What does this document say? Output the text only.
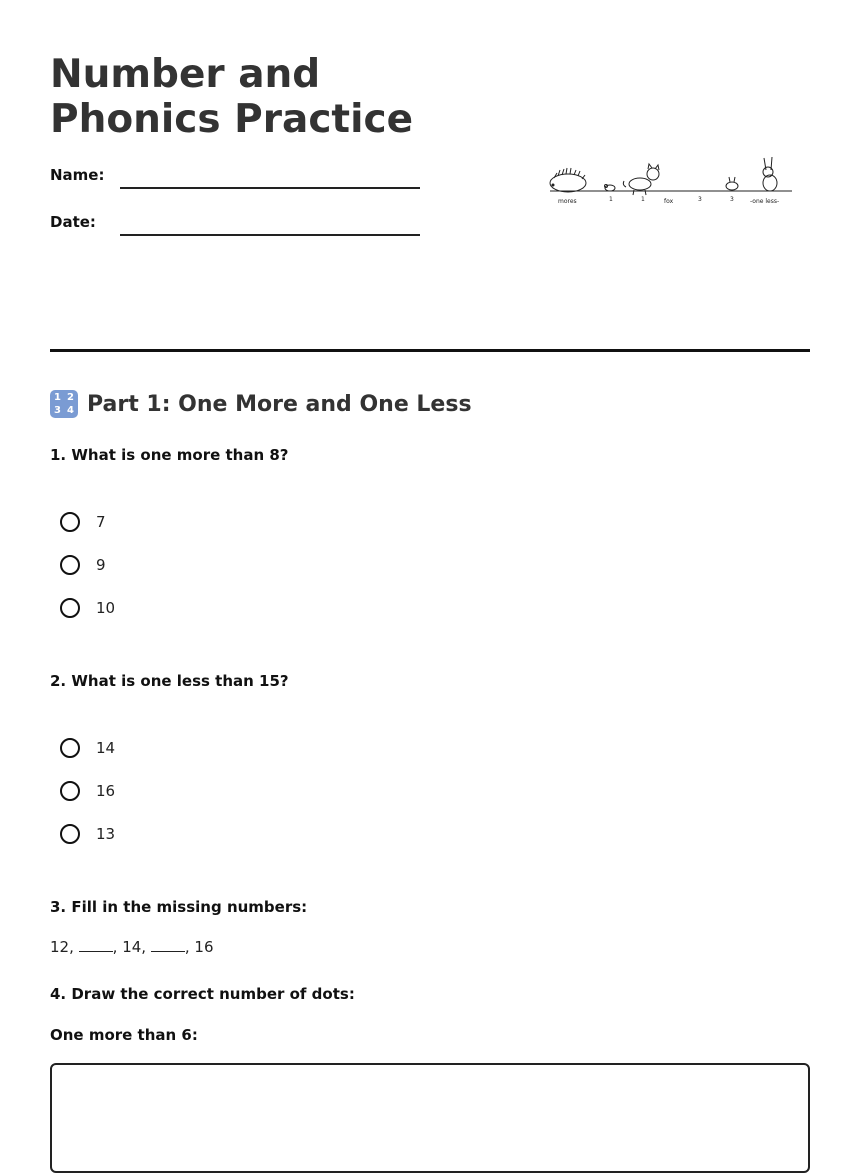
Number and Phonics Practice
Name:
Date:
mores	1	1	fox	3	3	-one less-
1 2
3 4 Part 1: One More and One Less
1. What is one more than 8?
7
9
10
2. What is one less than 15?
14
16
13
3. Fill in the missing numbers:
12,	, 14,	, 16
4. Draw the correct number of dots:
One more than 6:
